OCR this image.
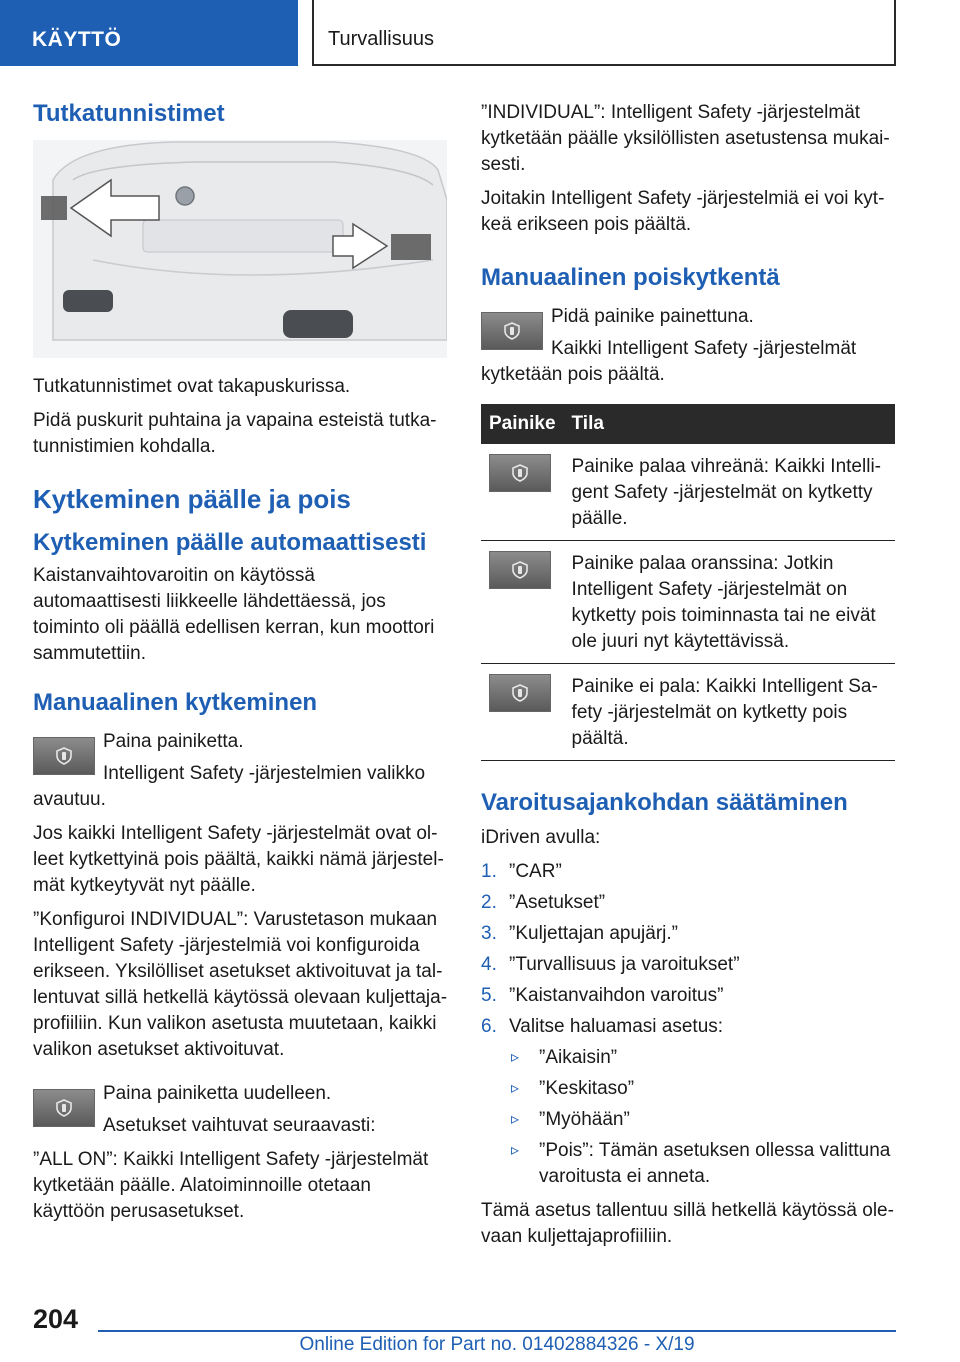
KÄYTTÖ	Turvallisuus
Tutkatunnistimet

Tutkatunnistimet ovat takapuskurissa.

Pidä puskurit puhtaina ja vapaina esteistä tutkatunnistimien kohdalla.

Kytkeminen päälle ja pois
Kytkeminen päälle automaattisesti

Kaistanvaihtovaroitin on käytössä automaattisesti liikkeelle lähdettäessä, jos toiminto oli päällä edellisen kerran, kun moottori sammutettiin.

Manuaalinen kytkeminen

Paina painiketta.

Intelligent Safety -järjestelmien valikko avautuu.

Jos kaikki Intelligent Safety -järjestelmät ovat olleet kytkettyinä pois päältä, kaikki nämä järjestelmät kytkeytyvät nyt päälle.

”Konfiguroi INDIVIDUAL”: Varustetason mukaan Intelligent Safety -järjestelmiä voi konfiguroida erikseen. Yksilölliset asetukset aktivoituvat ja tallentuvat sillä hetkellä käytössä olevaan kuljettajaprofiiliin. Kun valikon asetusta muutetaan, kaikki valikon asetukset aktivoituvat.

Paina painiketta uudelleen.

Asetukset vaihtuvat seuraavasti:

”ALL ON”: Kaikki Intelligent Safety -järjestelmät kytketään päälle. Alatoiminnoille otetaan käyttöön perusasetukset.

”INDIVIDUAL”: Intelligent Safety -järjestelmät kytketään päälle yksilöllisten asetustensa mukaisesti.

Joitakin Intelligent Safety -järjestelmiä ei voi kytkeä erikseen pois päältä.

Manuaalinen poiskytkentä

Pidä painike painettuna.

Kaikki Intelligent Safety -järjestelmät kytketään pois päältä.

Painike	Tila

	Painike palaa vihreänä: Kaikki Intelligent Safety -järjestelmät on kytketty päälle.

	Painike palaa oranssina: Jotkin Intelligent Safety -järjestelmät on kytketty pois toiminnasta tai ne eivät ole juuri nyt käytettävissä.

	Painike ei pala: Kaikki Intelligent Safety -järjestelmät on kytketty pois päältä.
Varoitusajankohdan säätäminen

iDriven avulla:

1. ”CAR”
2. ”Asetukset”
3. ”Kuljettajan apujärj.”
4. ”Turvallisuus ja varoitukset”
5. ”Kaistanvaihdon varoitus”
6. Valitse haluamasi asetus:
▹ ”Aikaisin”
▹ ”Keskitaso”
▹ ”Myöhään”
▹ ”Pois”: Tämän asetuksen ollessa valittuna varoitusta ei anneta.

Tämä asetus tallentuu sillä hetkellä käytössä olevaan kuljettajaprofiiliin.

204
Online Edition for Part no. 01402884326 - X/19
